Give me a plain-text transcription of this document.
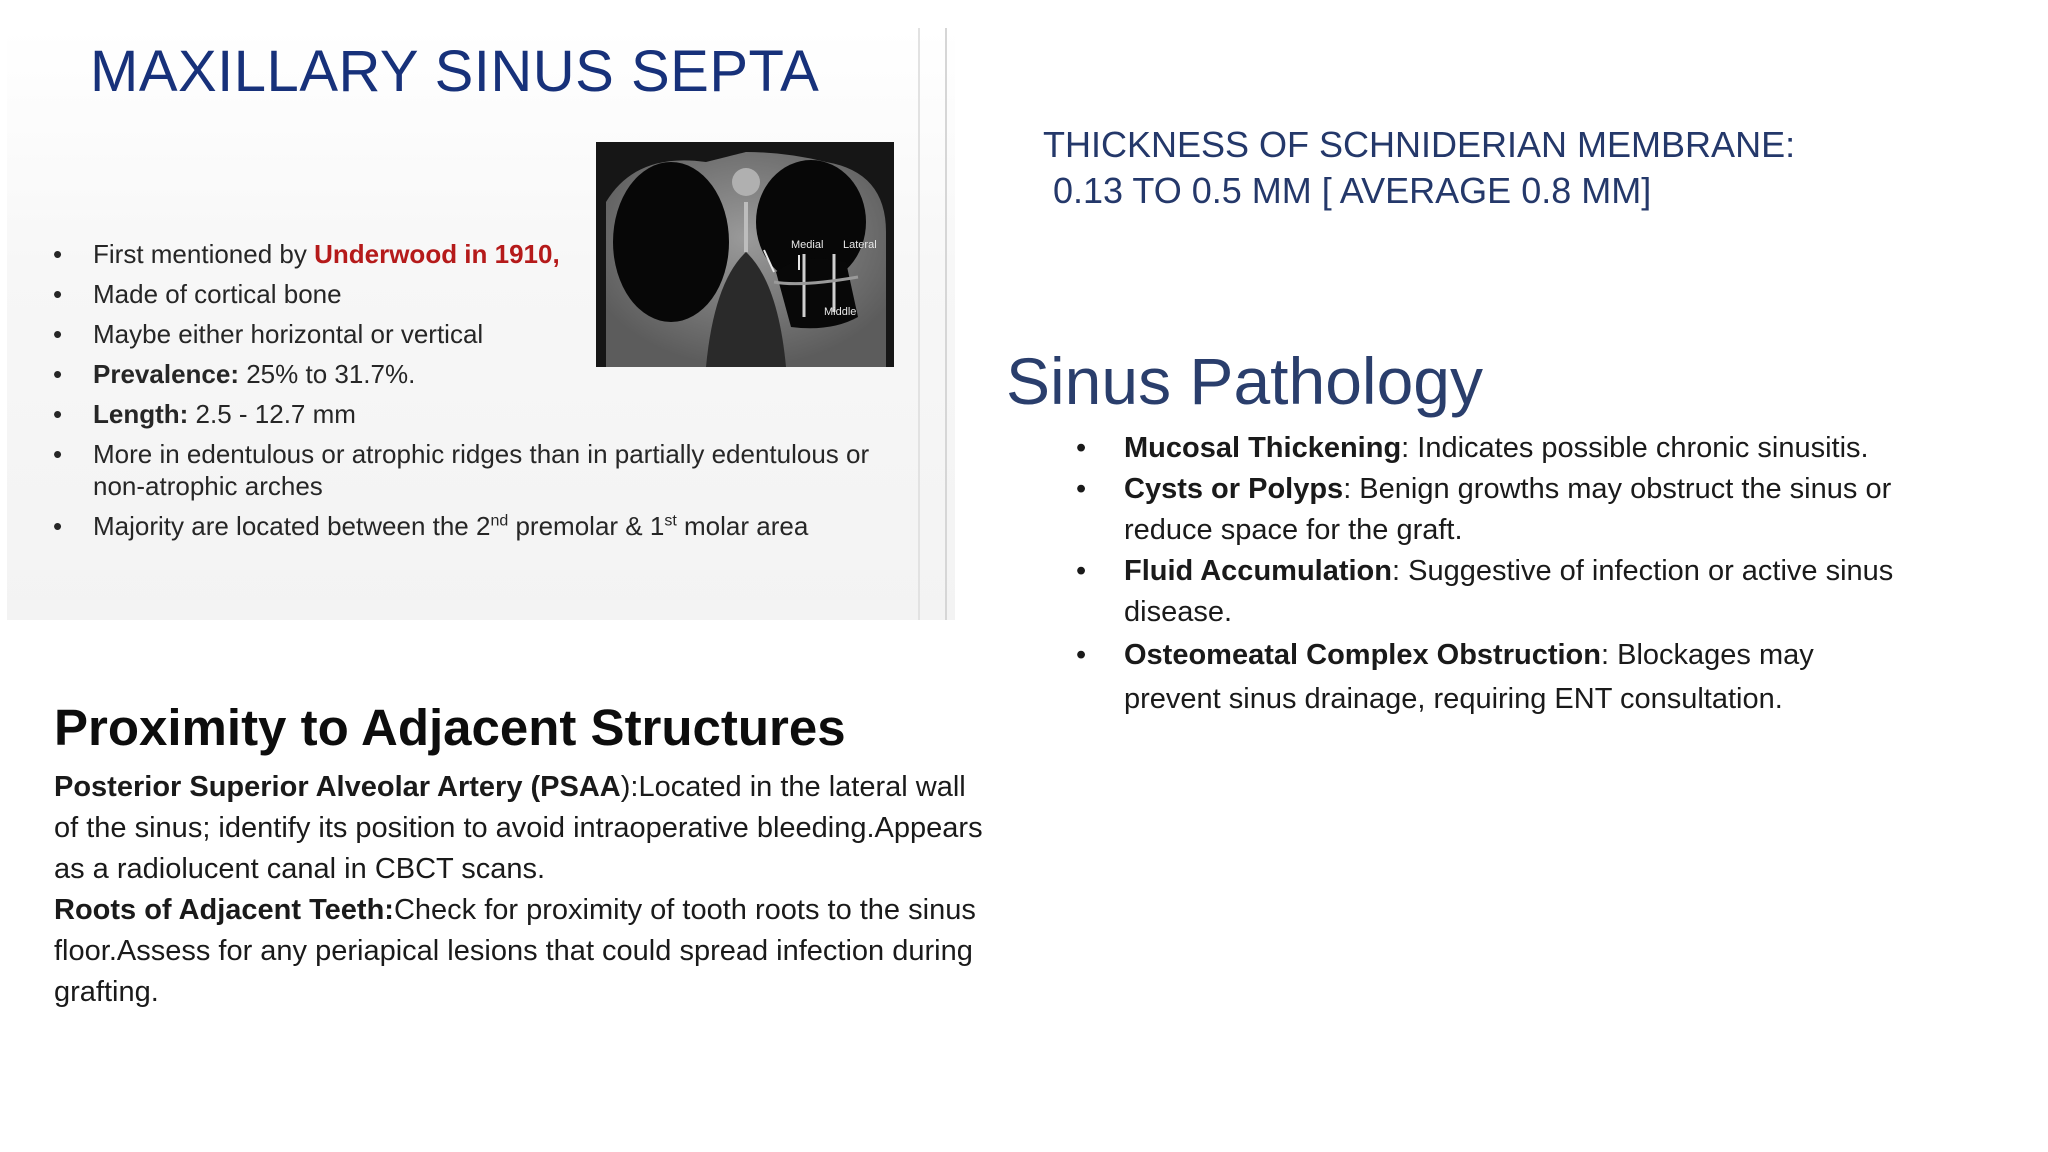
MAXILLARY SINUS SEPTA
• First mentioned by Underwood in 1910,
• Made of cortical bone
• Maybe either horizontal or vertical
• Prevalence: 25% to 31.7%.
• Length: 2.5 - 12.7 mm
• More in edentulous or atrophic ridges than in partially edentulous or non-atrophic arches
• Majority are located between the 2nd premolar & 1st molar area
Medial Lateral
Middle
THICKNESS OF SCHNIDERIAN MEMBRANE:
0.13 TO 0.5 MM [ AVERAGE 0.8 MM]
Sinus Pathology
• Mucosal Thickening: Indicates possible chronic sinusitis.
• Cysts or Polyps: Benign growths may obstruct the sinus or reduce space for the graft.
• Fluid Accumulation: Suggestive of infection or active sinus disease.
• Osteomeatal Complex Obstruction: Blockages may prevent sinus drainage, requiring ENT consultation.
Proximity to Adjacent Structures

Posterior Superior Alveolar Artery (PSAA):Located in the lateral wall of the sinus; identify its position to avoid intraoperative bleeding.Appears as a radiolucent canal in CBCT scans.

Roots of Adjacent Teeth:Check for proximity of tooth roots to the sinus floor.Assess for any periapical lesions that could spread infection during grafting.
